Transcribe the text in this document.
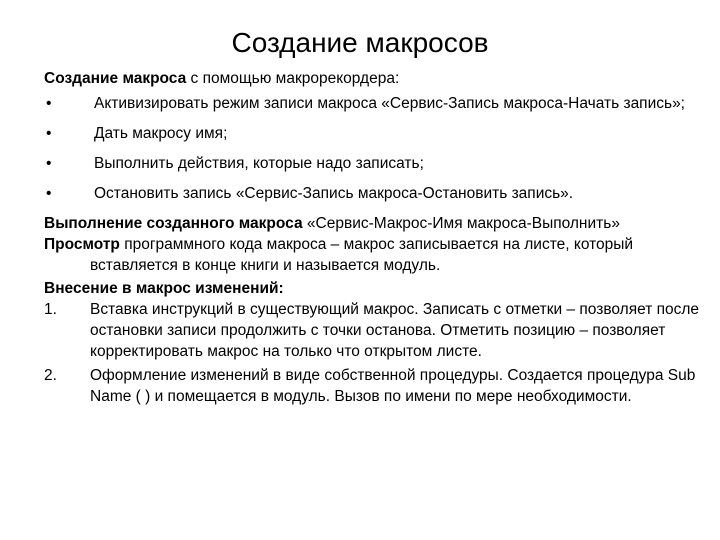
Создание макросов

Создание макроса с помощью макрорекордера:

•	Активизировать режим записи макроса «Сервис-Запись макроса-Начать запись»;
•	Дать макросу имя;
•	Выполнить действия, которые надо записать;
•	Остановить запись «Сервис-Запись макроса-Остановить запись».

Выполнение созданного макроса «Сервис-Макрос-Имя макроса-Выполнить»

Просмотр программного кода макроса – макрос записывается на листе, который вставляется в конце книги и называется модуль.

Внесение в макрос изменений:

1.	Вставка инструкций в существующий макрос. Записать с отметки – позволяет после остановки записи продолжить с точки останова. Отметить позицию – позволяет корректировать макрос на только что открытом листе.
2.	Оформление изменений в виде собственной процедуры. Создается процедура Sub Name ( ) и помещается в модуль. Вызов по имени по мере необходимости.
